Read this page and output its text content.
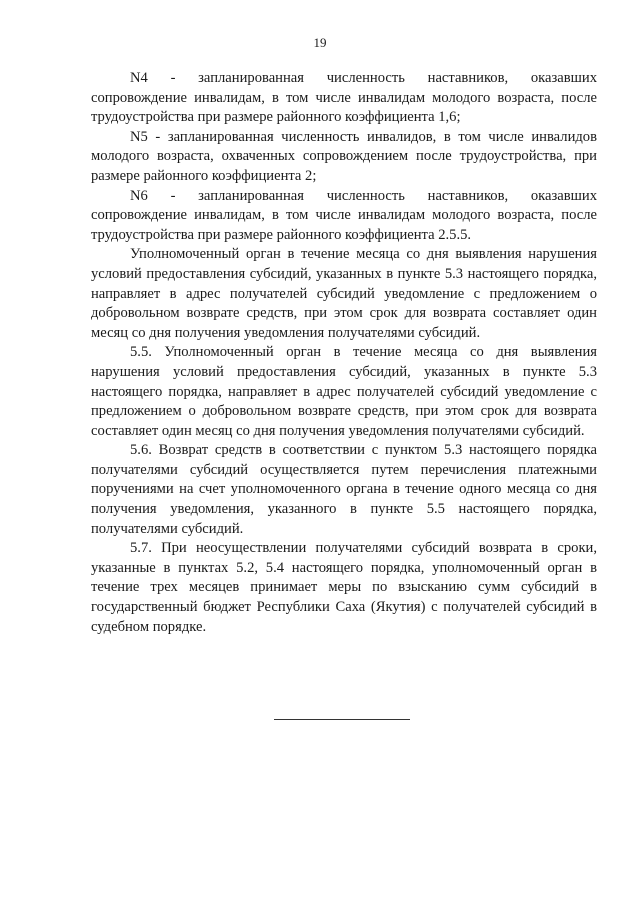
19

N4 - запланированная численность наставников, оказавших сопровождение инвалидам, в том числе инвалидам молодого возраста, после трудоустройства при размере районного коэффициента 1,6;

N5 - запланированная численность инвалидов, в том числе инвалидов молодого возраста, охваченных сопровождением после трудоустройства, при размере районного коэффициента 2;

N6 - запланированная численность наставников, оказавших сопровождение инвалидам, в том числе инвалидам молодого возраста, после трудоустройства при размере районного коэффициента 2.5.5.

Уполномоченный орган в течение месяца со дня выявления нарушения условий предоставления субсидий, указанных в пункте 5.3 настоящего порядка, направляет в адрес получателей субсидий уведомление с предложением о добровольном возврате средств, при этом срок для возврата составляет один месяц со дня получения уведомления получателями субсидий.

5.5. Уполномоченный орган в течение месяца со дня выявления нарушения условий предоставления субсидий, указанных в пункте 5.3 настоящего порядка, направляет в адрес получателей субсидий уведомление с предложением о добровольном возврате средств, при этом срок для возврата составляет один месяц со дня получения уведомления получателями субсидий.

5.6. Возврат средств в соответствии с пунктом 5.3 настоящего порядка получателями субсидий осуществляется путем перечисления платежными поручениями на счет уполномоченного органа в течение одного месяца со дня получения уведомления, указанного в пункте 5.5 настоящего порядка, получателями субсидий.

5.7. При неосуществлении получателями субсидий возврата в сроки, указанные в пунктах 5.2, 5.4 настоящего порядка, уполномоченный орган в течение трех месяцев принимает меры по взысканию сумм субсидий в государственный бюджет Республики Саха (Якутия) с получателей субсидий в судебном порядке.
